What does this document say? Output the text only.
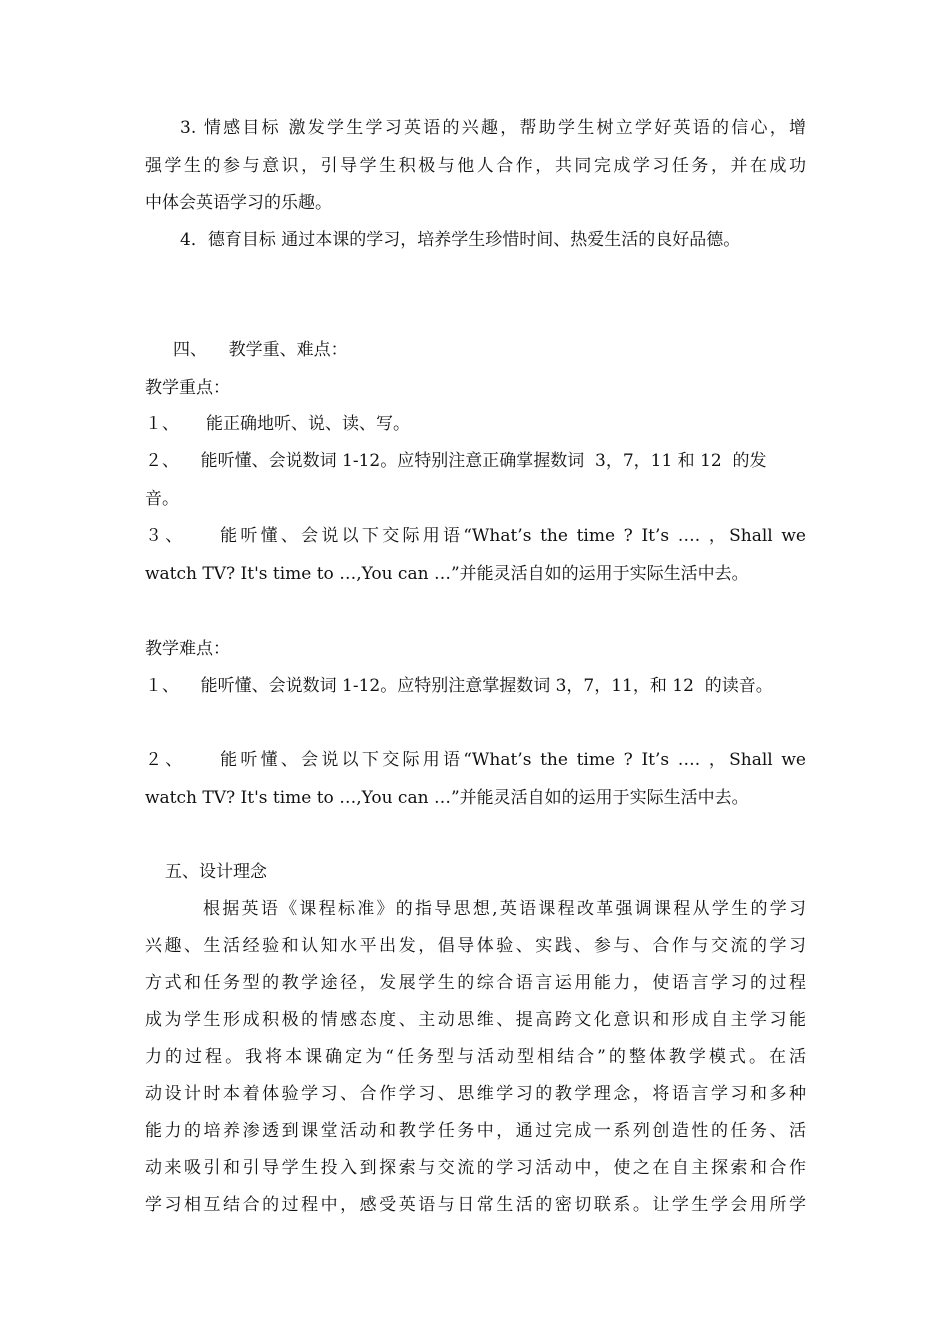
3. 情感目标 激发学生学习英语的兴趣，帮助学生树立学好英语的信心，增
强学生的参与意识，引导学生积极与他人合作，共同完成学习任务，并在成功
中体会英语学习的乐趣。
4．德育目标 通过本课的学习，培养学生珍惜时间、热爱生活的良好品德。
四、    教学重、难点：
教学重点：
１、     能正确地听、说、读、写。
２、    能听懂、会说数词 1-12。应特别注意正确掌握数词  3，7，11 和 12  的发
音。
３、    能听懂、会说以下交际用语“What’s the time ? It’s …. ，Shall we
watch TV? It's time to …,You can …”并能灵活自如的运用于实际生活中去。
教学难点：
１、    能听懂、会说数词 1-12。应特别注意掌握数词 3，7，11，和 12  的读音。
２、    能听懂、会说以下交际用语“What’s the time ? It’s …. ，Shall we
watch TV? It's time to …,You can …”并能灵活自如的运用于实际生活中去。
五、设计理念
根据英语《课程标准》的指导思想,英语课程改革强调课程从学生的学习
兴趣、生活经验和认知水平出发，倡导体验、实践、参与、合作与交流的学习
方式和任务型的教学途径，发展学生的综合语言运用能力，使语言学习的过程
成为学生形成积极的情感态度、主动思维、提高跨文化意识和形成自主学习能
力的过程。我将本课确定为“任务型与活动型相结合”的整体教学模式。在活
动设计时本着体验学习、合作学习、思维学习的教学理念，将语言学习和多种
能力的培养渗透到课堂活动和教学任务中，通过完成一系列创造性的任务、活
动来吸引和引导学生投入到探索与交流的学习活动中，使之在自主探索和合作
学习相互结合的过程中，感受英语与日常生活的密切联系。让学生学会用所学
